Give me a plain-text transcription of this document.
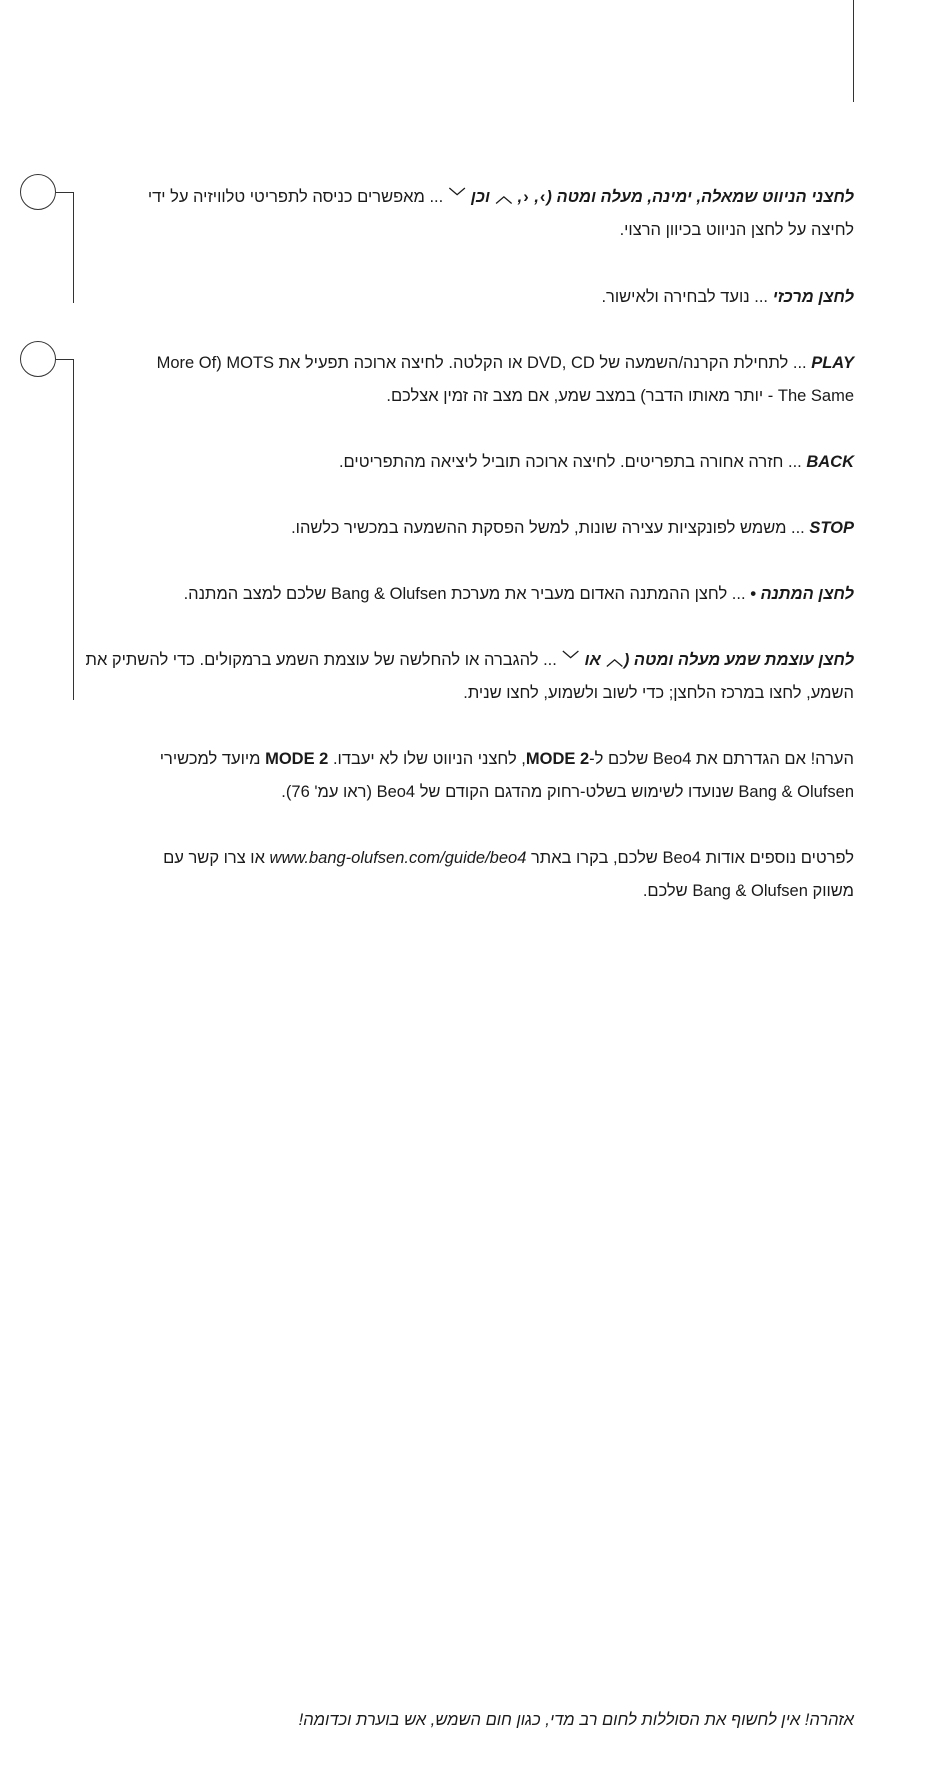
לחצני הניווט שמאלה, ימינה, מעלה ומטה (‹, ›, ︿ וכן ﹀ ... מאפשרים כניסה לתפריטי טלוויזיה על ידי לחיצה על לחצן הניווט בכיוון הרצוי.
לחצן מרכזי ... נועד לבחירה ולאישור.
PLAY ... לתחילת הקרנה/השמעה של DVD, CD או הקלטה. לחיצה ארוכה תפעיל את MOTS (More Of The Same - יותר מאותו הדבר) במצב שמע, אם מצב זה זמין אצלכם.
BACK ... חזרה אחורה בתפריטים. לחיצה ארוכה תוביל ליציאה מהתפריטים.
STOP ... משמש לפונקציות עצירה שונות, למשל הפסקת ההשמעה במכשיר כלשהו.
לחצן המתנה • ... לחצן ההמתנה האדום מעביר את מערכת Bang & Olufsen שלכם למצב המתנה.
לחצן עוצמת שמע מעלה ומטה (︿ או ﹀ ... להגברה או להחלשה של עוצמת השמע ברמקולים. כדי להשתיק את השמע, לחצו במרכז הלחצן; כדי לשוב ולשמוע, לחצו שנית.
הערה! אם הגדרתם את Beo4 שלכם ל-MODE 2, לחצני הניווט שלו לא יעבדו. MODE 2 מיועד למכשירי Bang & Olufsen שנועדו לשימוש בשלט-רחוק מהדגם הקודם של Beo4 (ראו עמ' 76).
לפרטים נוספים אודות Beo4 שלכם, בקרו באתר www.bang-olufsen.com/guide/beo4 או צרו קשר עם משווק Bang & Olufsen שלכם.
אזהרה! אין לחשוף את הסוללות לחום רב מדי, כגון חום השמש, אש בוערת וכדומה!
